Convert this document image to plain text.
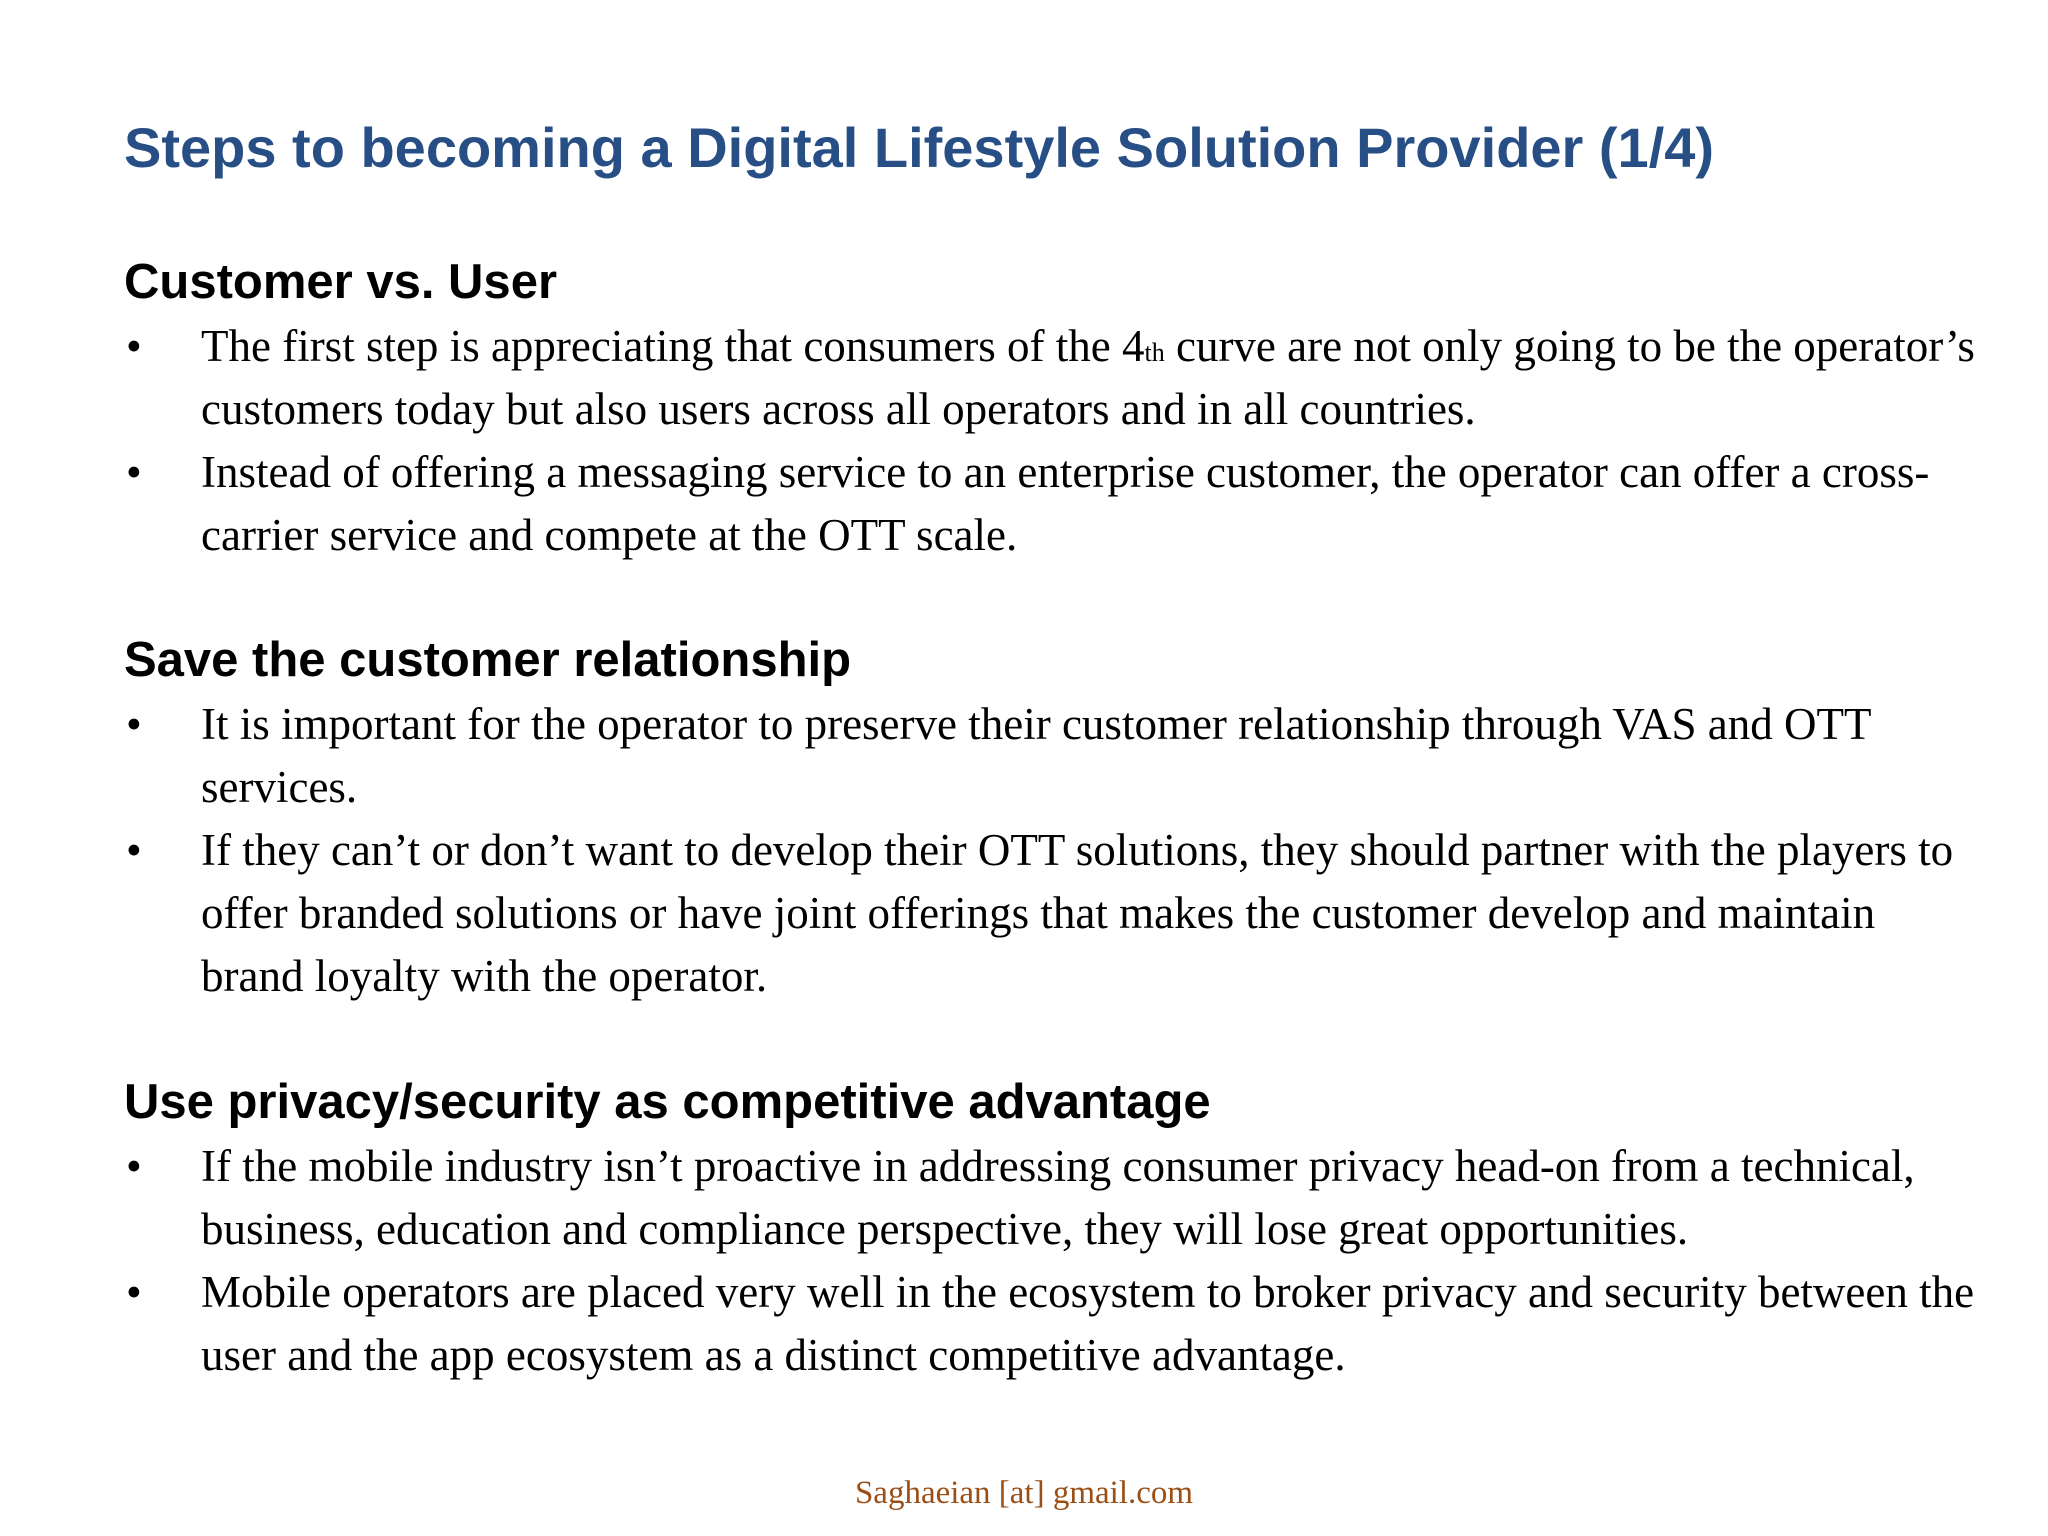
Steps to becoming a Digital Lifestyle Solution Provider (1/4)
Customer vs. User
• The first step is appreciating that consumers of the 4th curve are not only going to be the operator’s customers today but also users across all operators and in all countries.
• Instead of offering a messaging service to an enterprise customer, the operator can offer a cross-carrier service and compete at the OTT scale.
Save the customer relationship
• It is important for the operator to preserve their customer relationship through VAS and OTT services.
• If they can’t or don’t want to develop their OTT solutions, they should partner with the players to offer branded solutions or have joint offerings that makes the customer develop and maintain brand loyalty with the operator.
Use privacy/security as competitive advantage
• If the mobile industry isn’t proactive in addressing consumer privacy head-on from a technical, business, education and compliance perspective, they will lose great opportunities.
• Mobile operators are placed very well in the ecosystem to broker privacy and security between the user and the app ecosystem as a distinct competitive advantage.
Saghaeian [at] gmail.com
